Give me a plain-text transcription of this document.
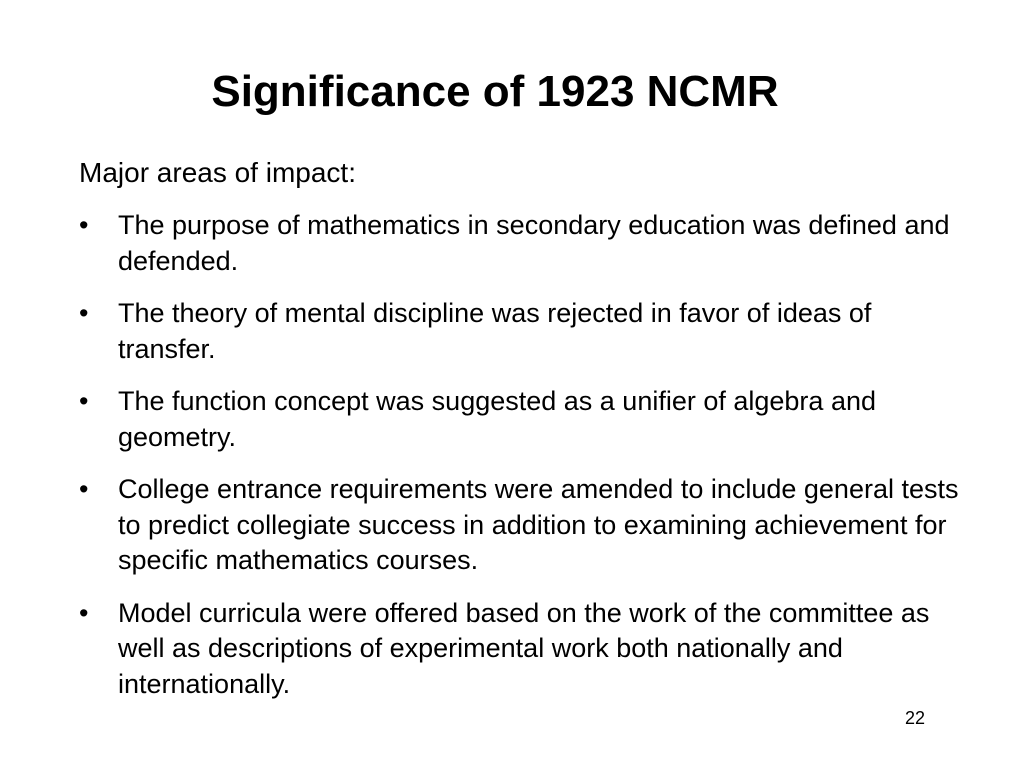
Significance of 1923 NCMR

Major areas of impact:

•	The purpose of mathematics in secondary education was defined and defended.
•	The theory of mental discipline was rejected in favor of ideas of transfer.
•	The function concept was suggested as a unifier of algebra and geometry.
•	College entrance requirements were amended to include general tests to predict collegiate success in addition to examining achievement for specific mathematics courses.
•	Model curricula were offered based on the work of the committee as well as descriptions of experimental work both nationally and internationally.
22
